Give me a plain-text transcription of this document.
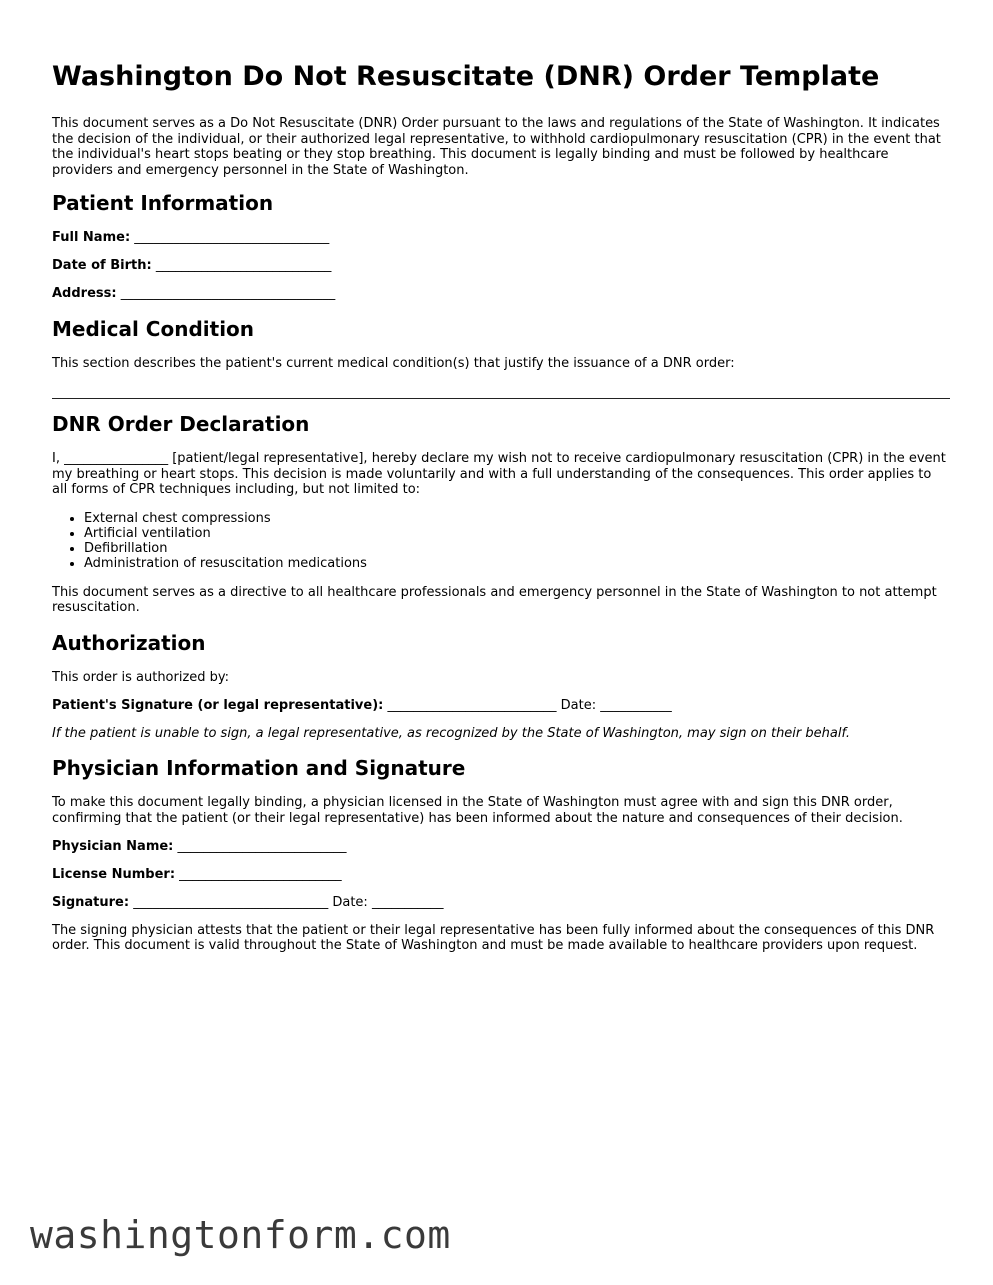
Washington Do Not Resuscitate (DNR) Order Template

This document serves as a Do Not Resuscitate (DNR) Order pursuant to the laws and regulations of the State of Washington. It indicates the decision of the individual, or their authorized legal representative, to withhold cardiopulmonary resuscitation (CPR) in the event that the individual's heart stops beating or they stop breathing. This document is legally binding and must be followed by healthcare providers and emergency personnel in the State of Washington.

Patient Information

Full Name: ______________________________

Date of Birth: ___________________________

Address: _________________________________

Medical Condition

This section describes the patient's current medical condition(s) that justify the issuance of a DNR order:

DNR Order Declaration

I, ________________ [patient/legal representative], hereby declare my wish not to receive cardiopulmonary resuscitation (CPR) in the event my breathing or heart stops. This decision is made voluntarily and with a full understanding of the consequences. This order applies to all forms of CPR techniques including, but not limited to:

• External chest compressions
• Artificial ventilation
• Defibrillation
• Administration of resuscitation medications

This document serves as a directive to all healthcare professionals and emergency personnel in the State of Washington to not attempt resuscitation.

Authorization

This order is authorized by:

Patient's Signature (or legal representative): __________________________ Date: ___________

If the patient is unable to sign, a legal representative, as recognized by the State of Washington, may sign on their behalf.

Physician Information and Signature

To make this document legally binding, a physician licensed in the State of Washington must agree with and sign this DNR order, confirming that the patient (or their legal representative) has been informed about the nature and consequences of their decision.

Physician Name: __________________________

License Number: _________________________

Signature: ______________________________ Date: ___________

The signing physician attests that the patient or their legal representative has been fully informed about the consequences of this DNR order. This document is valid throughout the State of Washington and must be made available to healthcare providers upon request.

washingtonform.com
